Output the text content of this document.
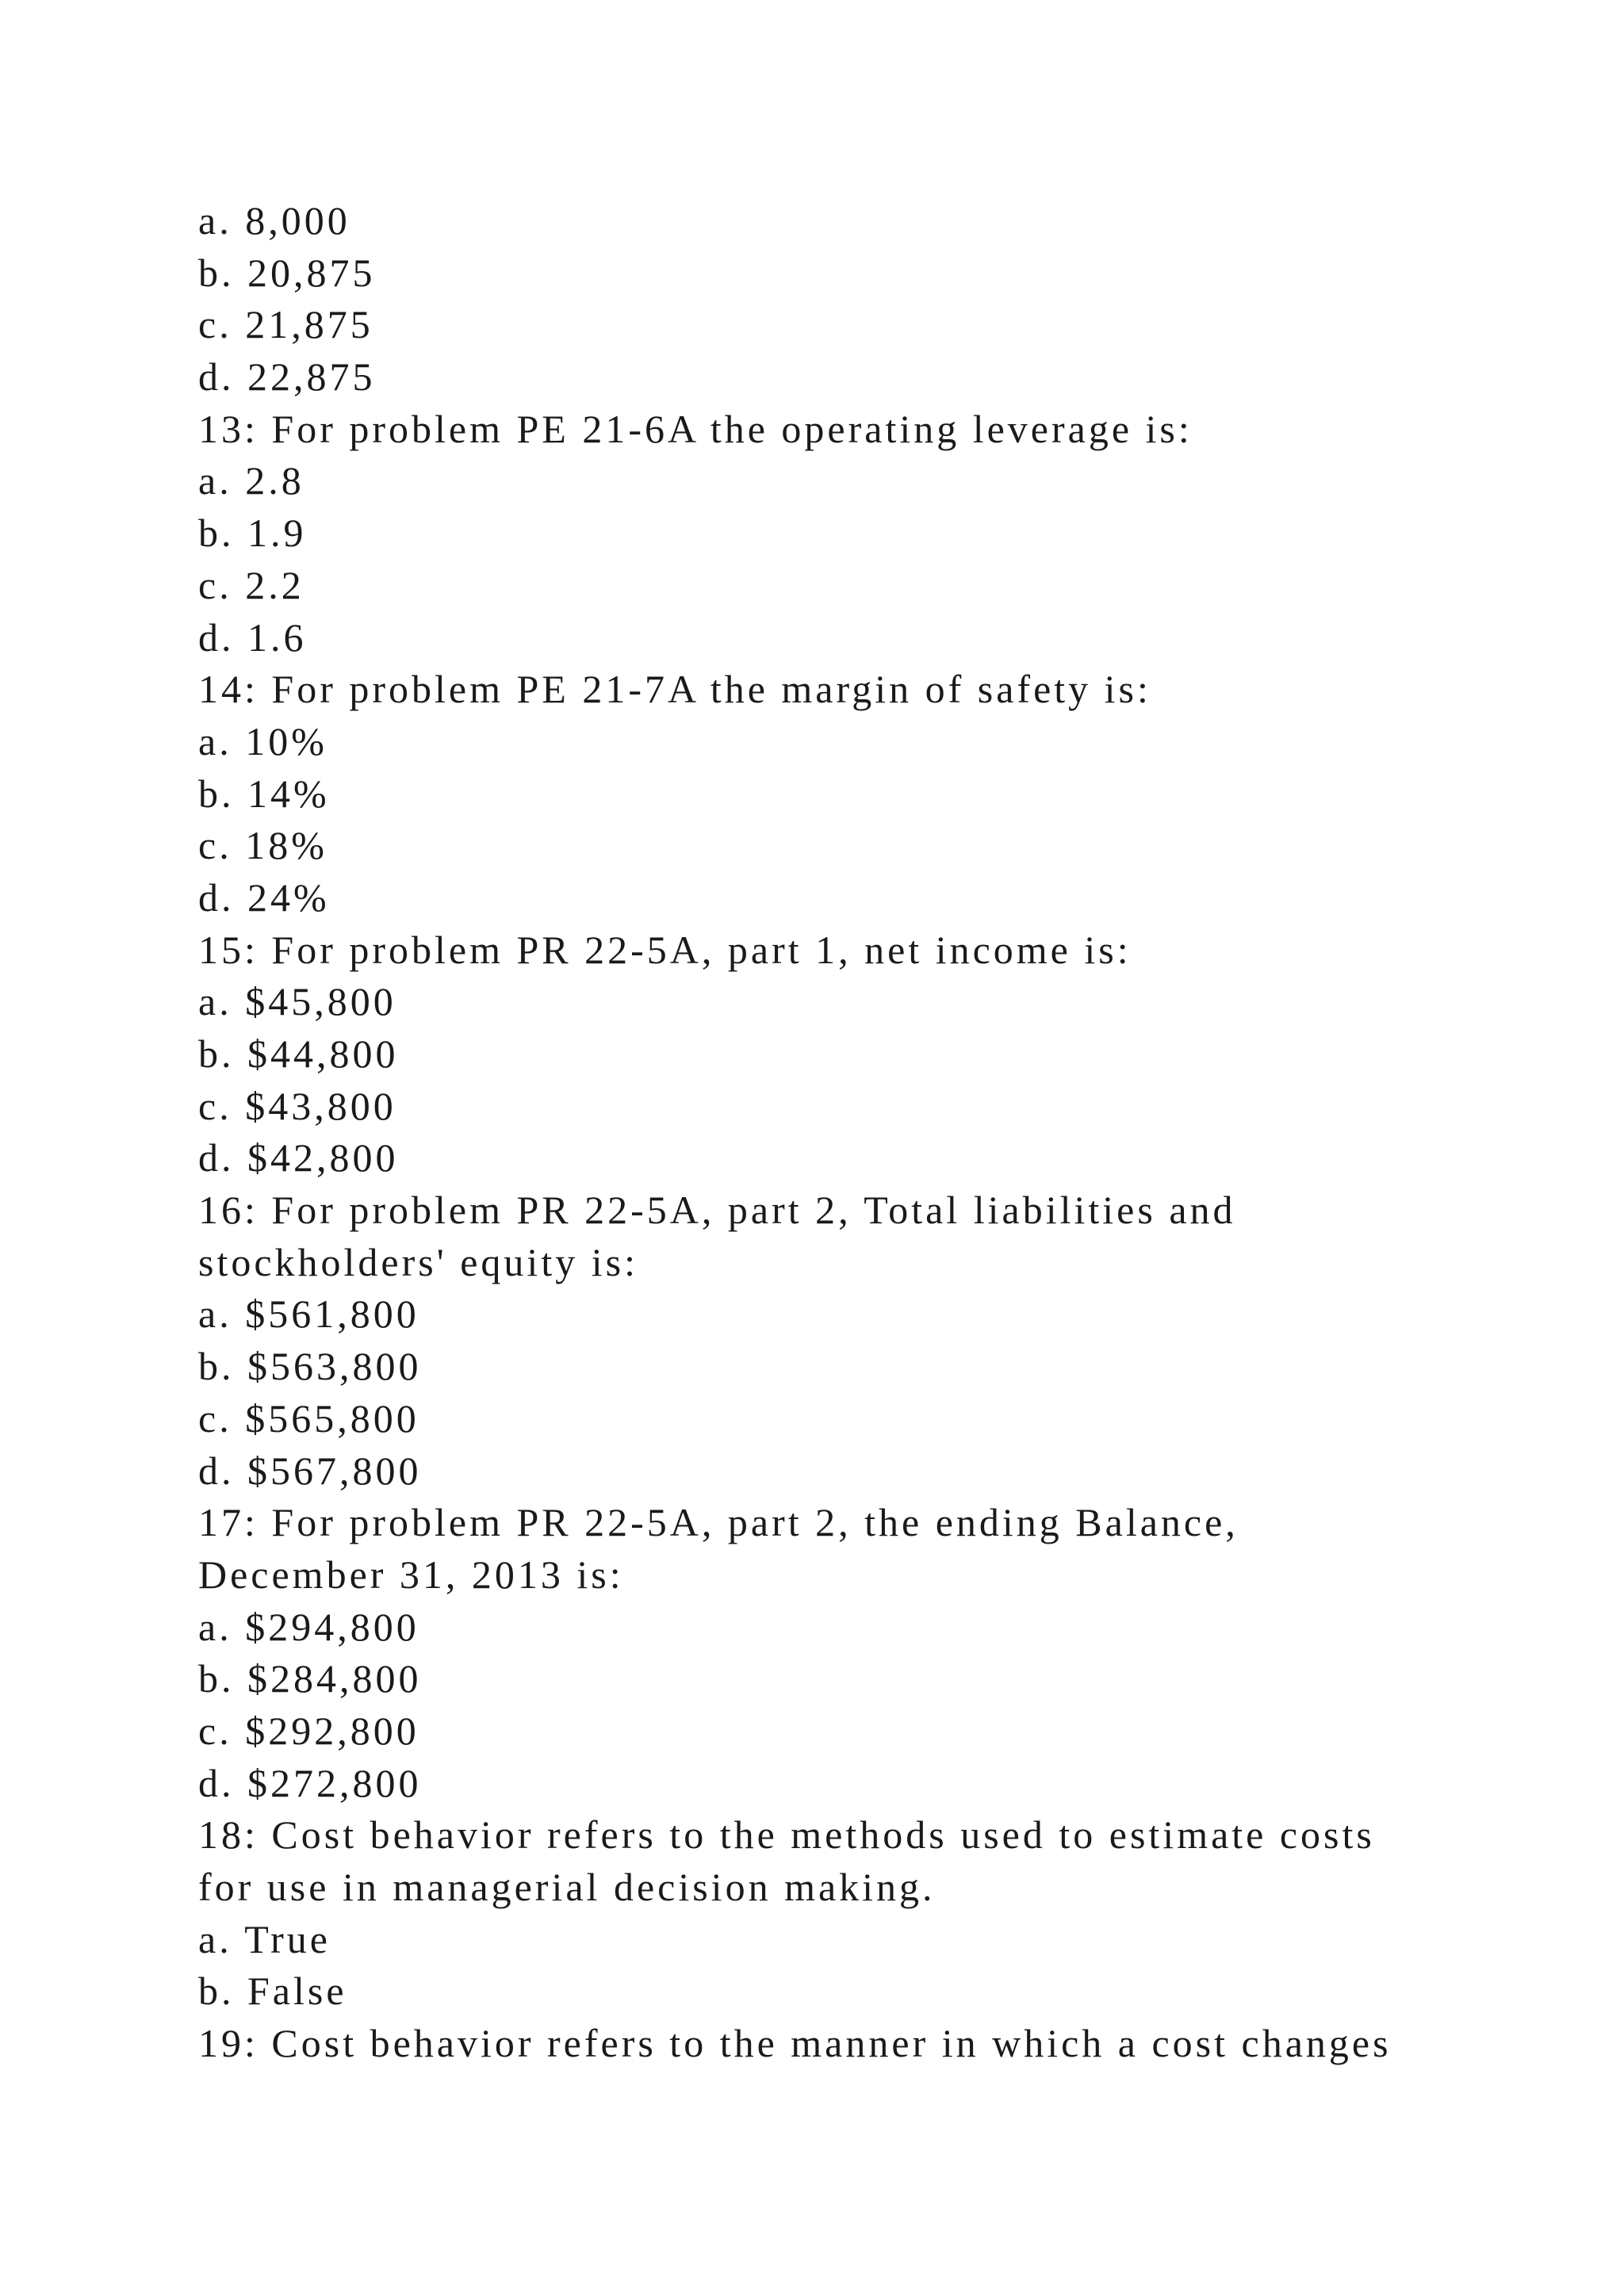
a. 8,000
b. 20,875
c. 21,875
d. 22,875
13: For problem PE 21-6A the operating leverage is:
a. 2.8
b. 1.9
c. 2.2
d. 1.6
14: For problem PE 21-7A the margin of safety is:
a. 10%
b. 14%
c. 18%
d. 24%
15: For problem PR 22-5A, part 1, net income is:
a. $45,800
b. $44,800
c. $43,800
d. $42,800
16: For problem PR 22-5A, part 2, Total liabilities and
stockholders' equity is:
a. $561,800
b. $563,800
c. $565,800
d. $567,800
17: For problem PR 22-5A, part 2, the ending Balance,
December 31, 2013 is:
a. $294,800
b. $284,800
c. $292,800
d. $272,800
18: Cost behavior refers to the methods used to estimate costs
for use in managerial decision making.
a. True
b. False
19: Cost behavior refers to the manner in which a cost changes
